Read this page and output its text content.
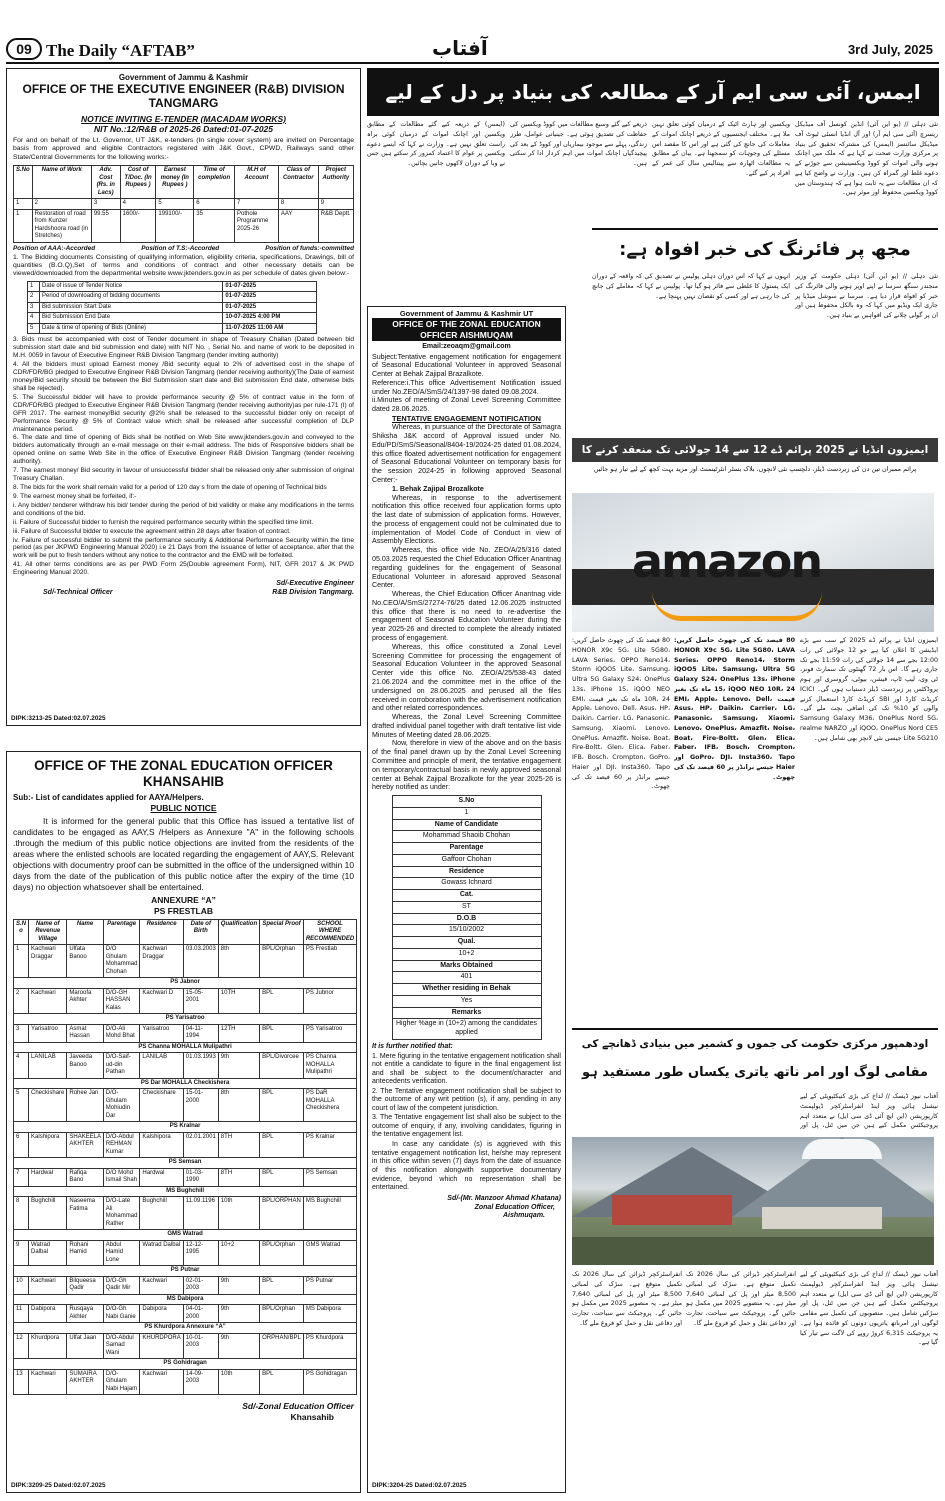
09 The Daily “AFTAB”	آفتاب	3rd July, 2025
Government of Jammu & Kashmir
OFFICE OF THE EXECUTIVE ENGINEER (R&B) DIVISION TANGMARG
NOTICE INVITING E-TENDER (MACADAM WORKS)
NIT No.:12/R&B of 2025-26 Dated:01-07-2025
For and on behalf of the Lt. Governor, UT J&K, e-tenders (In single cover system) are invited on Percentage basis from approved and eligible Contractors registered with J&K Govt., CPWD, Railways sand other State/Central Governments for the following works:-
S.No	Name of Work	Adv. Cost (Rs. in Lacs)	Cost of T/Doc. (In Rupees )	Earnest money (In Rupees )	Time of completion	M.H of Account	Class of Contractor	Project Authority
1	2	3	4	5	6	7	8	9
1	Restoration of road from Kunzer Hardshoora road (in Stretches)	99.55	1600/-	199100/-	35	Pothole Programme 2025-26	AAY	R&B Deptt.
Position of AAA:-Accorded	Position of T.S:-Accorded	Position of funds:-committed
1. The Bidding documents Consisting of qualifying information, eligibility criteria, specifications, Drawings, bill of quantities (B.O.Q),Set of terms and conditions of contract and other necessary details can be viewed/downloaded from the departmental website www.jktenders.gov.in as per schedule of dates given below:-
1	Date of issue of Tender Notice	01-07-2025
2	Period of downloading of bidding documents	01-07-2025
3	Bid submission Start Date	01-07-2025
4	Bid Submission End Date	10-07-2025 4:00 PM
5	Date & time of opening of Bids (Online)	11-07-2025 11:00 AM
3. Bids must be accompanied with cost of Tender document in shape of Treasury Challan (Dated between bid submission start date and bid submission end date) with NIT No. , Serial No. and name of work to be deposited in M.H. 0059 in favour of Executive Engineer R&B Division Tangmarg (tender inviting authority)
4. All the bidders must upload Earnest money /Bid security equal to 2% of advertised cost in the shape of CDR/FDR/BG pledged to Executive Engineer R&B Division Tangmarg (tender receiving authority)(The Date of earnest money/Bid security should be between the Bid Submission start date and Bid submission End date, otherwise bids shall be rejected).
5. The Successful bidder will have to provide performance security @ 5% of contract value in the form of CDR/FDR/BG pledged to Executive Engineer R&B Division Tangmarg (tender receiving authority)as per rule-171 (I) of GFR 2017. The earnest money/Bid security @2% shall be released to the successful bidder only on receipt of Performance Security @ 5% of Contract value which shall be released after successful completion of DLP /maintenance period.
6. The date and time of opening of Bids shall be notified on Web Site www.jktenders.gov.in and conveyed to the bidders automatically through an e-mail message on their e-mail address. The bids of Responsive bidders shall be opened online on same Web Site in the office of Executive Engineer R&B Division Tangmarg (tender receiving authority).
7. The earnest money/ Bid security in favour of unsuccessful bidder shall be released only after submission of original Treasury Challan.
8. The bids for the work shall remain valid for a period of 120 day s from the date of opening of Technical bids
9. The earnest money shall be forfeited, if:-
i. Any bidder/ tenderer withdraw his bid/ tender during the period of bid validity or make any modifications in the terms and conditions of the bid.
ii. Failure of Successful bidder to furnish the required performance security within the specified time limit.
iii. Failure of Successful bidder to execute the agreement within 28 days after fixation of contract.
iv. Failure of successful bidder to submit the performance security & Additional Performance Security within the time period (as per JKPWD Engineering Manual 2020) i.e 21 Days from the issuance of letter of acceptance, after that the work will be put to fresh tenders without any notice to the contractor and the EMD will be forfeited.
41. All other terms conditions are as per PWD Form 25(Double agreement Form), NIT, GFR 2017 & JK PWD Engineering Manual 2020.
Sd/-Executive Engineer
Sd/-Technical Officer	R&B Division Tangmarg.
DIPK:3213-25 Dated:02.07.2025
OFFICE OF THE ZONAL EDUCATION OFFICER KHANSAHIB
Sub:- List of candidates applied for AAYA/Helpers.
PUBLIC NOTICE
It is informed for the general public that this Office has issued a tentative list of candidates to be engaged as AAY,S /Helpers as Annexure "A" in the following schools .through the medium of this public notice objections are invited from the residents of the areas where the enlisted schools are located regarding the engagement of AAY,S. Relevant objections with documentry proof can be submitted in the office of the undersigned within 10 days from the date of the publication of this public notice after the expiry of the time (10 days) no objection whatsoever shall be entertained.
ANNEXURE “A”
PS FRESTLAB
S.N o	Name of Revenue Village	Name	Parentage	Residence	Date of Birth	Qualification	Special Proof	SCHOOL WHERE RECOMMENDED
1	Kachwari Draggar	Ulfata Banoo	D/O Ghulam Mohammad Chohan	Kachwari Draggar	03.03.2003	8th	BPL/Orphan	PS Frestlab
PS Jabnor								
2	Kachwari	Maroofa Akhter	D/O-GH HASSAN Kalas	Kachwari D	15-05-2001	10TH	BPL	PS Jubnor
PS Yarisatroo								
3	Yarisatroo	Asmat Hassan	D/O-Ali Mohd Bhat	Yarisatroo	04-11-1994	12TH	BPL	PS Yarisatroo
PS Channa MOHALLA Mulipathri								
4	LANILAB	Javeeda Banoo	D/O-Saif-ud-din Pathan	LANILAB	01.03.1993	9th	BPL/Divorcee	PS Channa MOHALLA Mulipathri
PS Dar MOHALLA Checkishera								
5	Checkishare	Rohee Jan	D/O-Ghulam Mohiudin Dar	Checkishare	15-01-2000	8th	BPL	PS DaR MOHALLA Checkishera
PS Kralnar								
6	Kalshipora	SHAKEELA AKHTER	D/O-Abdul REHMAN Kumar	Kalshipora	02.01.2001	8TH	BPL	PS Kralnar
PS Semsan								
7	Hardwal	Rafiqa Bano	D/O Mohd Ismail Shah	Hardwal	01-03-1990	8TH	BPL	PS Semsan
MS Bughchill								
8	Bughchill	Naseema Fatima	D/O-Late Ali Mohammad Rather	Bughchill	11.09.1196	10th	BPL/ORPHAN	MS Bughchill
GMS Watrad								
9	Watrad Dalbal	Rohani Hamid	Abdul Hamid Lone	Watrad Dalbal	12-12-1995	10+2	BPL/Orphan	GMS Watrad
PS Putnar								
10	Kachwari	Bilqueesa Qadir	D/O-Gh Qadir Mir	Kachwari	02-01-2003	9th	BPL	PS Putnar
MS Dabipora								
11	Dabipora	Rusqaya Akhter	D/O-Gh Nabi Ganie	Dabipora	04-01-2000	9th	BPL/Orphan	MS Dabipora
PS Khurdpora Annexure “A”								
12	Khurdpora	Ulfat Jaan	D/O-Abdul Samad Wani	KHURDPORA	10-01-2003	9th	ORPHAN/BPL	PS Khurdpora
PS Gohidragan								
13	Kachwari	SUMAIRA AKHTER	D/O-Ghulam Nabi Hajam	Kachwari	14-09-2003	10th	BPL	PS Gohidragan
Sd/-Zonal Education Officer
Khansahib
DIPK:3209-25 Dated:02.07.2025
ایمس، آئی سی ایم آر کے مطالعہ کی بنیاد پر دل کے لیے
نئی دہلی // (یو این آئی) انڈین کونسل آف میڈیکل ریسرچ (آئی سی ایم آر) اور آل انڈیا انسٹی ٹیوٹ آف میڈیکل سائنسز (ایمس) کی مشترکہ تحقیق کی بنیاد پر مرکزی وزارت صحت نے کہا ہے کہ ملک میں اچانک ہونے والی اموات کو کووڈ ویکسینیشن سے جوڑنے کے دعوے غلط اور گمراہ کن ہیں۔ وزارت نے واضح کیا ہے کہ ان مطالعات سے یہ ثابت ہوا ہے کہ ہندوستان میں کووڈ ویکسین محفوظ اور موثر ہیں۔
ویکسین اور ہارٹ اٹیک کے درمیان کوئی تعلق نہیں ملا ہے۔ مختلف ایجنسیوں کے ذریعے اچانک اموات کے معاملات کی جانچ کی گئی ہے اور اس کا مقصد اس مسئلے کی وجوہات کو سمجھنا ہے۔ بیان کے مطابق یہ مطالعات اٹھارہ سے پینتالیس سال کی عمر کے افراد پر کیے گئے۔
ذریعے کیے گئے وسیع مطالعات میں کووڈ ویکسین کی حفاظت کی تصدیق ہوئی ہے۔ جینیاتی عوامل، طرز زندگی، پہلے سے موجود بیماریاں اور کووڈ کے بعد کی پیچیدگیاں اچانک اموات میں اہم کردار ادا کر سکتی ہیں۔
(ایمس) کے ذریعہ کیے گئے مطالعات کے مطابق ویکسین اور اچانک اموات کے درمیان کوئی براہ راست تعلق نہیں ہے۔ وزارت نے کہا کہ ایسے دعوے ویکسین پر عوام کا اعتماد کمزور کر سکتے ہیں جس نے وبا کے دوران لاکھوں جانیں بچائیں۔
مجھ پر فائرنگ کی خبر افواہ ہے:
نئی دہلی // (یو این آئی) دہلی حکومت کے وزیر منجندر سنگھ سرسا نے اپنے اوپر ہونے والی فائرنگ کی خبر کو افواہ قرار دیا ہے۔ سرسا نے سوشل میڈیا پر جاری ایک ویڈیو میں کہا کہ وہ بالکل محفوظ ہیں اور ان پر گولی چلانے کی افواہیں بے بنیاد ہیں۔
انہوں نے کہا کہ اس دوران دہلی پولیس نے تصدیق کی کہ واقعہ کے دوران ایک پستول کا غلطی سے فائر ہو گیا تھا۔ پولیس نے کہا کہ معاملے کی جانچ کی جا رہی ہے اور کسی کو نقصان نہیں پہنچا ہے۔
Government of Jammu & Kashmir UT
OFFICE OF THE ZONAL EDUCATION OFFICER AISHMUQAM
Email:zeoaqm@gmail.com
Subject:Tentative engagement notification for engagement of Seasonal Educational Volunteer in approved Seasonal Center at Behak Zajipal Brazalkote.
Reference:i.This office Advertisement Notification issued under No.ZEO/A/SmS/24/1397-98 dated 09.08.2024.
ii.Minutes of meeting of Zonal Level Screening Committee dated 28.06.2025.
TENTATIVE ENGAGEMENT NOTIFICATION
Whereas, in pursuance of the Directorate of Samagra Shiksha J&K accord of Approval issued under No. Edu/PD/SmS/Seasonal/8404-19/2024-25 dated 01.08.2024, this office floated advertisement notification for engagement of Seasonal Educational Volunteer on temporary basis for the session 2024-25 in following approved Seasonal Center:-
1. Behak Zajipal Brozalkote
Whereas, in response to the advertisement notification this office received four application forms upto the last date of submission of application forms. However, the process of engagement could not be culminated due to implementation of Model Code of Conduct in view of Assembly Elections.
Whereas, this office vide No. ZEO/A/25/316 dated 05.03.2025 requested the Chief Education Officer Anantnag regarding guidelines for the engagement of Seasonal Educational Volunteer in aforesaid approved Seasonal Center.
Whereas, the Chief Education Officer Anantnag vide No.CEO/A/SmS/27274-76/25 dated 12.06.2025 instructed this office that there is no need to re-advertise the engagement of Seasonal Education Volunteer during the year 2025-26 and directed to complete the already initiated process of engagement.
Whereas, this office constituted a Zonal Level Screening Committee for processing the engagement of Seasonal Education Volunteer in the approved Seasonal Center vide this office No. ZEO/A/25/538-43 dated 21.06.2024 and the committee met in the office of the undersigned on 28.06.2025 and perused all the files received in corroboration with the advertisement notification and other related correspondences.
Whereas, the Zonal Level Screening Committee drafted individual panel together with draft tentative list vide Minutes of Meeting dated 28.06.2025.
Now, therefore in view of the above and on the basis of the final panel drawn up by the Zonal Level Screening Committee and principle of merit, the tentative engagement on temporary/contractual basis in newly approved seasonal center at Behak Zajipal Brozalkote for the year 2025-26 is hereby notified as under:
S.No
1
Name of Candidate
Mohammad Shaoib Chohan
Parentage
Gaffoor Chohan
Residence
Gowass Ichnard
Cat.
ST
D.O.B
15/10/2002
Qual.
10+2
Marks Obtained
401
Whether residing in Behak
Yes
Remarks
Higher %age in (10+2) among the candidates applied
It is further notified that:
1. Mere figuring in the tentative engagement notification shall not entitle a candidate to figure in the final engagement list and shall be subject to the document/character and antecedents verification.
2. The Tentative engagement notification shall be subject to the outcome of any writ petition (s), if any, pending in any court of law of the competent jurisdiction.
3. The Tentative engagement list shall also be subject to the outcome of enquiry, if any, involving candidates, figuring in the tentative engagement list.
In case any candidate (s) is aggrieved with this tentative engagement notification list, he/she may represent in this office within seven (7) days from the date of issuance of this notification alongwith supportive documentary evidence, beyond which no representation shall be entertained.
Sd/-(Mr. Manzoor Ahmad Khatana)
Zonal Education Officer,
Aishmuqam.
DIPK:3204-25 Dated:02.07.2025
ایمیزون انڈیا نے 2025 پرائم ڈے 12 سے 14 جولائی تک منعقد کرنے کا
پرائم ممبران تین دن کی زبردست ڈیلز، دلچسپ نئی لانچوں، بلاک بسٹر انٹرٹینمنٹ اور مزید بہت کچھ کے لیے تیار ہو جائیں
amazon
ایمیزون انڈیا نے پرائم ڈے 2025 کے سب سے بڑے ایڈیشن کا اعلان کیا ہے جو 12 جولائی کی رات 12:00 بجے سے 14 جولائی کی رات 11:59 بجے تک جاری رہے گا۔ اس بار 72 گھنٹوں تک سمارٹ فونز، ٹی وی، لیپ ٹاپ، فیشن، بیوٹی، گروسری اور ہوم پروڈکٹس پر زبردست ڈیلز دستیاب ہوں گی۔ ICICI کریڈٹ کارڈ اور SBI کریڈٹ کارڈ استعمال کرنے والوں کو 10% تک کی اضافی بچت ملے گی۔ Samsung Galaxy M36، OnePlus Nord 5G، iQOO، OnePlus Nord CE5 اور realme NARZO Lite 5G210 جیسی نئی لانچز بھی شامل ہیں۔
80 فیصد تک کی چھوٹ حاصل کریں: HONOR X9c 5G، Lite 5G80، LAVA Series، OPPO Reno14، Storm iQOO5 Lite، Samsung، Ultra 5G Galaxy S24، OnePlus 13s، iPhone 15، iQOO NEO 10R، 24 ماہ تک بغیر قیمت EMI، Apple، Lenovo، Dell، Asus، HP، Daikin، Carrier، LG، Panasonic، Samsung، Xiaomi، Lenovo، OnePlus، Amazfit، Noise، Boat، Fire-Boltt، Glen، Elica، Faber، IFB، Bosch، Crompton، GoPro، DJI، Insta360، Tapo اور Haier جیسے برانڈز پر 60 فیصد تک کی چھوٹ۔
80 فیصد تک کی چھوٹ حاصل کریں: HONOR X9c 5G، Lite 5G80، LAVA Series، OPPO Reno14، Storm iQOO5 Lite، Samsung، Ultra 5G Galaxy S24، OnePlus 13s، iPhone 15، iQOO NEO 10R، 24 ماہ تک بغیر قیمت EMI، Apple، Lenovo، Dell، Asus، HP، Daikin، Carrier، LG، Panasonic، Samsung، Xiaomi، Lenovo، OnePlus، Amazfit، Noise، Boat، Fire-Boltt، Glen، Elica، Faber، IFB، Bosch، Crompton، GoPro، DJI، Insta360، Tapo اور Haier جیسے برانڈز پر 60 فیصد تک کی چھوٹ۔
اودھمپور مرکزی حکومت کی جموں و کشمیر میں بنیادی ڈھانچے کی
مقامی لوگ اور امر ناتھ یاتری یکساں طور مستفید ہو
آفتاب نیوز ڈیسک // لداخ کی بڑی کنیکٹیویٹی کے لیے نیشنل ہائی ویز اینڈ انفراسٹرکچر ڈیولپمنٹ کارپوریشن (این ایچ آئی ڈی سی ایل) نے متعدد اہم پروجیکٹس مکمل کیے ہیں جن میں ٹنل، پل اور
آفتاب نیوز ڈیسک // لداخ کی بڑی کنیکٹیویٹی کے لیے نیشنل ہائی ویز اینڈ انفراسٹرکچر ڈیولپمنٹ کارپوریشن (این ایچ آئی ڈی سی ایل) نے متعدد اہم پروجیکٹس مکمل کیے ہیں جن میں ٹنل، پل اور سڑکیں شامل ہیں۔ منصوبوں کی تکمیل سے مقامی لوگوں اور امرناتھ یاتریوں دونوں کو فائدہ ہوا ہے۔ یہ پروجیکٹ 6,315 کروڑ روپے کی لاگت سے تیار کیا گیا ہے۔
انفراسٹرکچر ڈیزائن کی سال 2026 تک تکمیل متوقع ہے۔ سڑک کی لمبائی 8,500 میٹر اور پل کی لمبائی 7,640 میٹر ہے۔ یہ منصوبے 2025 میں مکمل ہو جائیں گے۔ پروجیکٹ سے سیاحت، تجارت اور دفاعی نقل و حمل کو فروغ ملے گا۔
انفراسٹرکچر ڈیزائن کی سال 2026 تک تکمیل متوقع ہے۔ سڑک کی لمبائی 8,500 میٹر اور پل کی لمبائی 7,640 میٹر ہے۔ یہ منصوبے 2025 میں مکمل ہو جائیں گے۔ پروجیکٹ سے سیاحت، تجارت اور دفاعی نقل و حمل کو فروغ ملے گا۔
